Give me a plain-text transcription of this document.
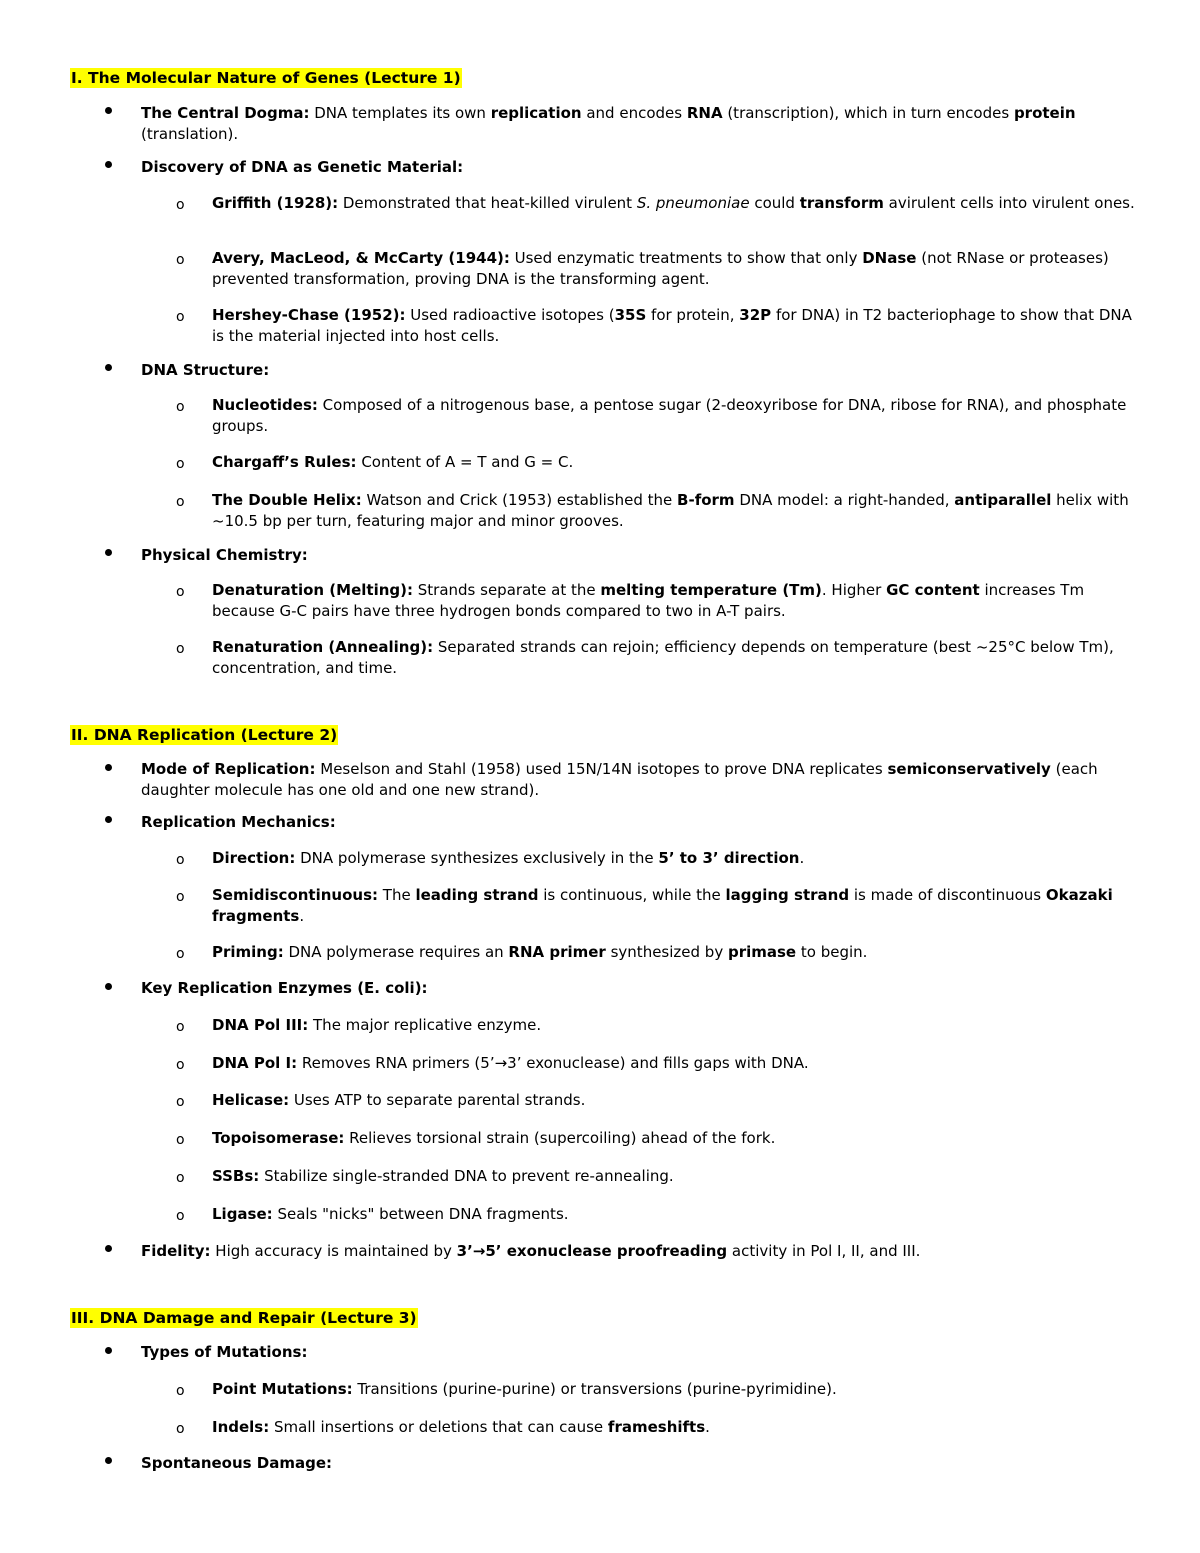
I. The Molecular Nature of Genes (Lecture 1)
The Central Dogma: DNA templates its own replication and encodes RNA (transcription), which in turn encodes protein (translation).
Discovery of DNA as Genetic Material:
o Griffith (1928): Demonstrated that heat-killed virulent S. pneumoniae could transform avirulent cells into virulent ones.
o Avery, MacLeod, & McCarty (1944): Used enzymatic treatments to show that only DNase (not RNase or proteases) prevented transformation, proving DNA is the transforming agent.
o Hershey-Chase (1952): Used radioactive isotopes (35S for protein, 32P for DNA) in T2 bacteriophage to show that DNA is the material injected into host cells.
DNA Structure:
o Nucleotides: Composed of a nitrogenous base, a pentose sugar (2-deoxyribose for DNA, ribose for RNA), and phosphate groups.
o Chargaff’s Rules: Content of A = T and G = C.
o The Double Helix: Watson and Crick (1953) established the B-form DNA model: a right-handed, antiparallel helix with ~10.5 bp per turn, featuring major and minor grooves.
Physical Chemistry:
o Denaturation (Melting): Strands separate at the melting temperature (Tm). Higher GC content increases Tm because G-C pairs have three hydrogen bonds compared to two in A-T pairs.
o Renaturation (Annealing): Separated strands can rejoin; efficiency depends on temperature (best ~25°C below Tm), concentration, and time.
II. DNA Replication (Lecture 2)
Mode of Replication: Meselson and Stahl (1958) used 15N/14N isotopes to prove DNA replicates semiconservatively (each daughter molecule has one old and one new strand).
Replication Mechanics:
o Direction: DNA polymerase synthesizes exclusively in the 5’ to 3’ direction.
o Semidiscontinuous: The leading strand is continuous, while the lagging strand is made of discontinuous Okazaki fragments.
o Priming: DNA polymerase requires an RNA primer synthesized by primase to begin.
Key Replication Enzymes (E. coli):
o DNA Pol III: The major replicative enzyme.
o DNA Pol I: Removes RNA primers (5’→3’ exonuclease) and fills gaps with DNA.
o Helicase: Uses ATP to separate parental strands.
o Topoisomerase: Relieves torsional strain (supercoiling) ahead of the fork.
o SSBs: Stabilize single-stranded DNA to prevent re-annealing.
o Ligase: Seals "nicks" between DNA fragments.
Fidelity: High accuracy is maintained by 3’→5’ exonuclease proofreading activity in Pol I, II, and III.
III. DNA Damage and Repair (Lecture 3)
Types of Mutations:
o Point Mutations: Transitions (purine-purine) or transversions (purine-pyrimidine).
o Indels: Small insertions or deletions that can cause frameshifts.
Spontaneous Damage:
